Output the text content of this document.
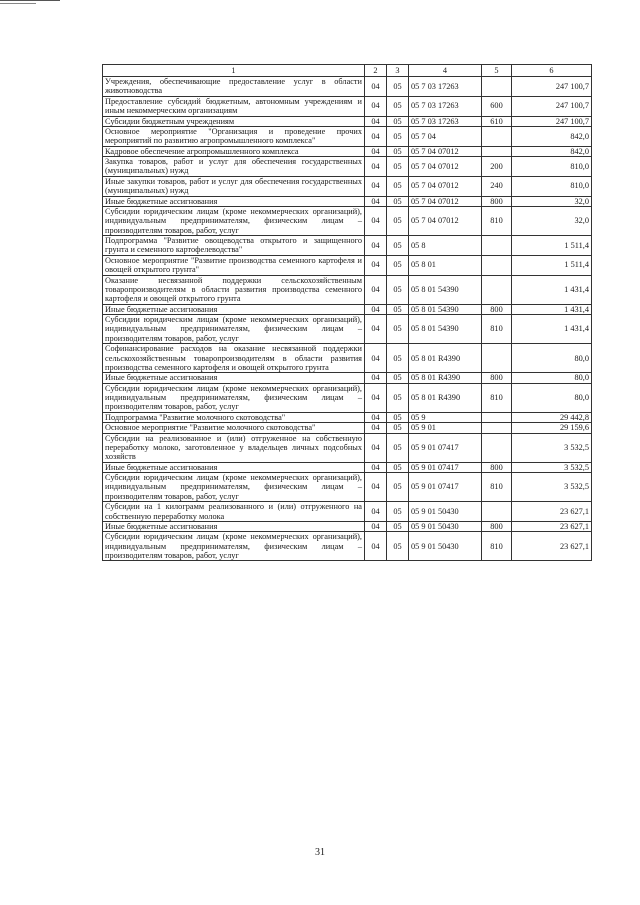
1	2	3	4	5	6
Учреждения, обеспечивающие предоставление услуг в области животноводства	04	05	05 7 03 17263		247 100,7
Предоставление субсидий бюджетным, автономным учреждениям и иным некоммерческим организациям	04	05	05 7 03 17263	600	247 100,7
Субсидии бюджетным учреждениям	04	05	05 7 03 17263	610	247 100,7
Основное мероприятие "Организация и проведение прочих мероприятий по развитию агропромышленного комплекса"	04	05	05 7 04		842,0
Кадровое обеспечение агропромышленного комплекса	04	05	05 7 04 07012		842,0
Закупка товаров, работ и услуг для обеспечения государственных (муниципальных) нужд	04	05	05 7 04 07012	200	810,0
Иные закупки товаров, работ и услуг для обеспечения государственных (муниципальных) нужд	04	05	05 7 04 07012	240	810,0
Иные бюджетные ассигнования	04	05	05 7 04 07012	800	32,0
Субсидии юридическим лицам (кроме некоммерческих организаций), индивидуальным предпринимателям, физическим лицам – производителям товаров, работ, услуг	04	05	05 7 04 07012	810	32,0
Подпрограмма "Развитие овощеводства открытого и защищенного грунта и семенного картофелеводства"	04	05	05 8		1 511,4
Основное мероприятие "Развитие производства семенного картофеля и овощей открытого грунта"	04	05	05 8 01		1 511,4
Оказание несвязанной поддержки сельскохозяйственным товаропроизводителям в области развития производства семенного картофеля и овощей открытого грунта	04	05	05 8 01 54390		1 431,4
Иные бюджетные ассигнования	04	05	05 8 01 54390	800	1 431,4
Субсидии юридическим лицам (кроме некоммерческих организаций), индивидуальным предпринимателям, физическим лицам – производителям товаров, работ, услуг	04	05	05 8 01 54390	810	1 431,4
Софинансирование расходов на оказание несвязанной поддержки сельскохозяйственным товаропроизводителям в области развития производства семенного картофеля и овощей открытого грунта	04	05	05 8 01 R4390		80,0
Иные бюджетные ассигнования	04	05	05 8 01 R4390	800	80,0
Субсидии юридическим лицам (кроме некоммерческих организаций), индивидуальным предпринимателям, физическим лицам – производителям товаров, работ, услуг	04	05	05 8 01 R4390	810	80,0
Подпрограмма "Развитие молочного скотоводства"	04	05	05 9		29 442,8
Основное мероприятие "Развитие молочного скотоводства"	04	05	05 9 01		29 159,6
Субсидии на реализованное и (или) отгруженное на собственную переработку молоко, заготовленное у владельцев личных подсобных хозяйств	04	05	05 9 01 07417		3 532,5
Иные бюджетные ассигнования	04	05	05 9 01 07417	800	3 532,5
Субсидии юридическим лицам (кроме некоммерческих организаций), индивидуальным предпринимателям, физическим лицам – производителям товаров, работ, услуг	04	05	05 9 01 07417	810	3 532,5
Субсидии на 1 килограмм реализованного и (или) отгруженного на собственную переработку молока	04	05	05 9 01 50430		23 627,1
Иные бюджетные ассигнования	04	05	05 9 01 50430	800	23 627,1
Субсидии юридическим лицам (кроме некоммерческих организаций), индивидуальным предпринимателям, физическим лицам – производителям товаров, работ, услуг	04	05	05 9 01 50430	810	23 627,1
31
